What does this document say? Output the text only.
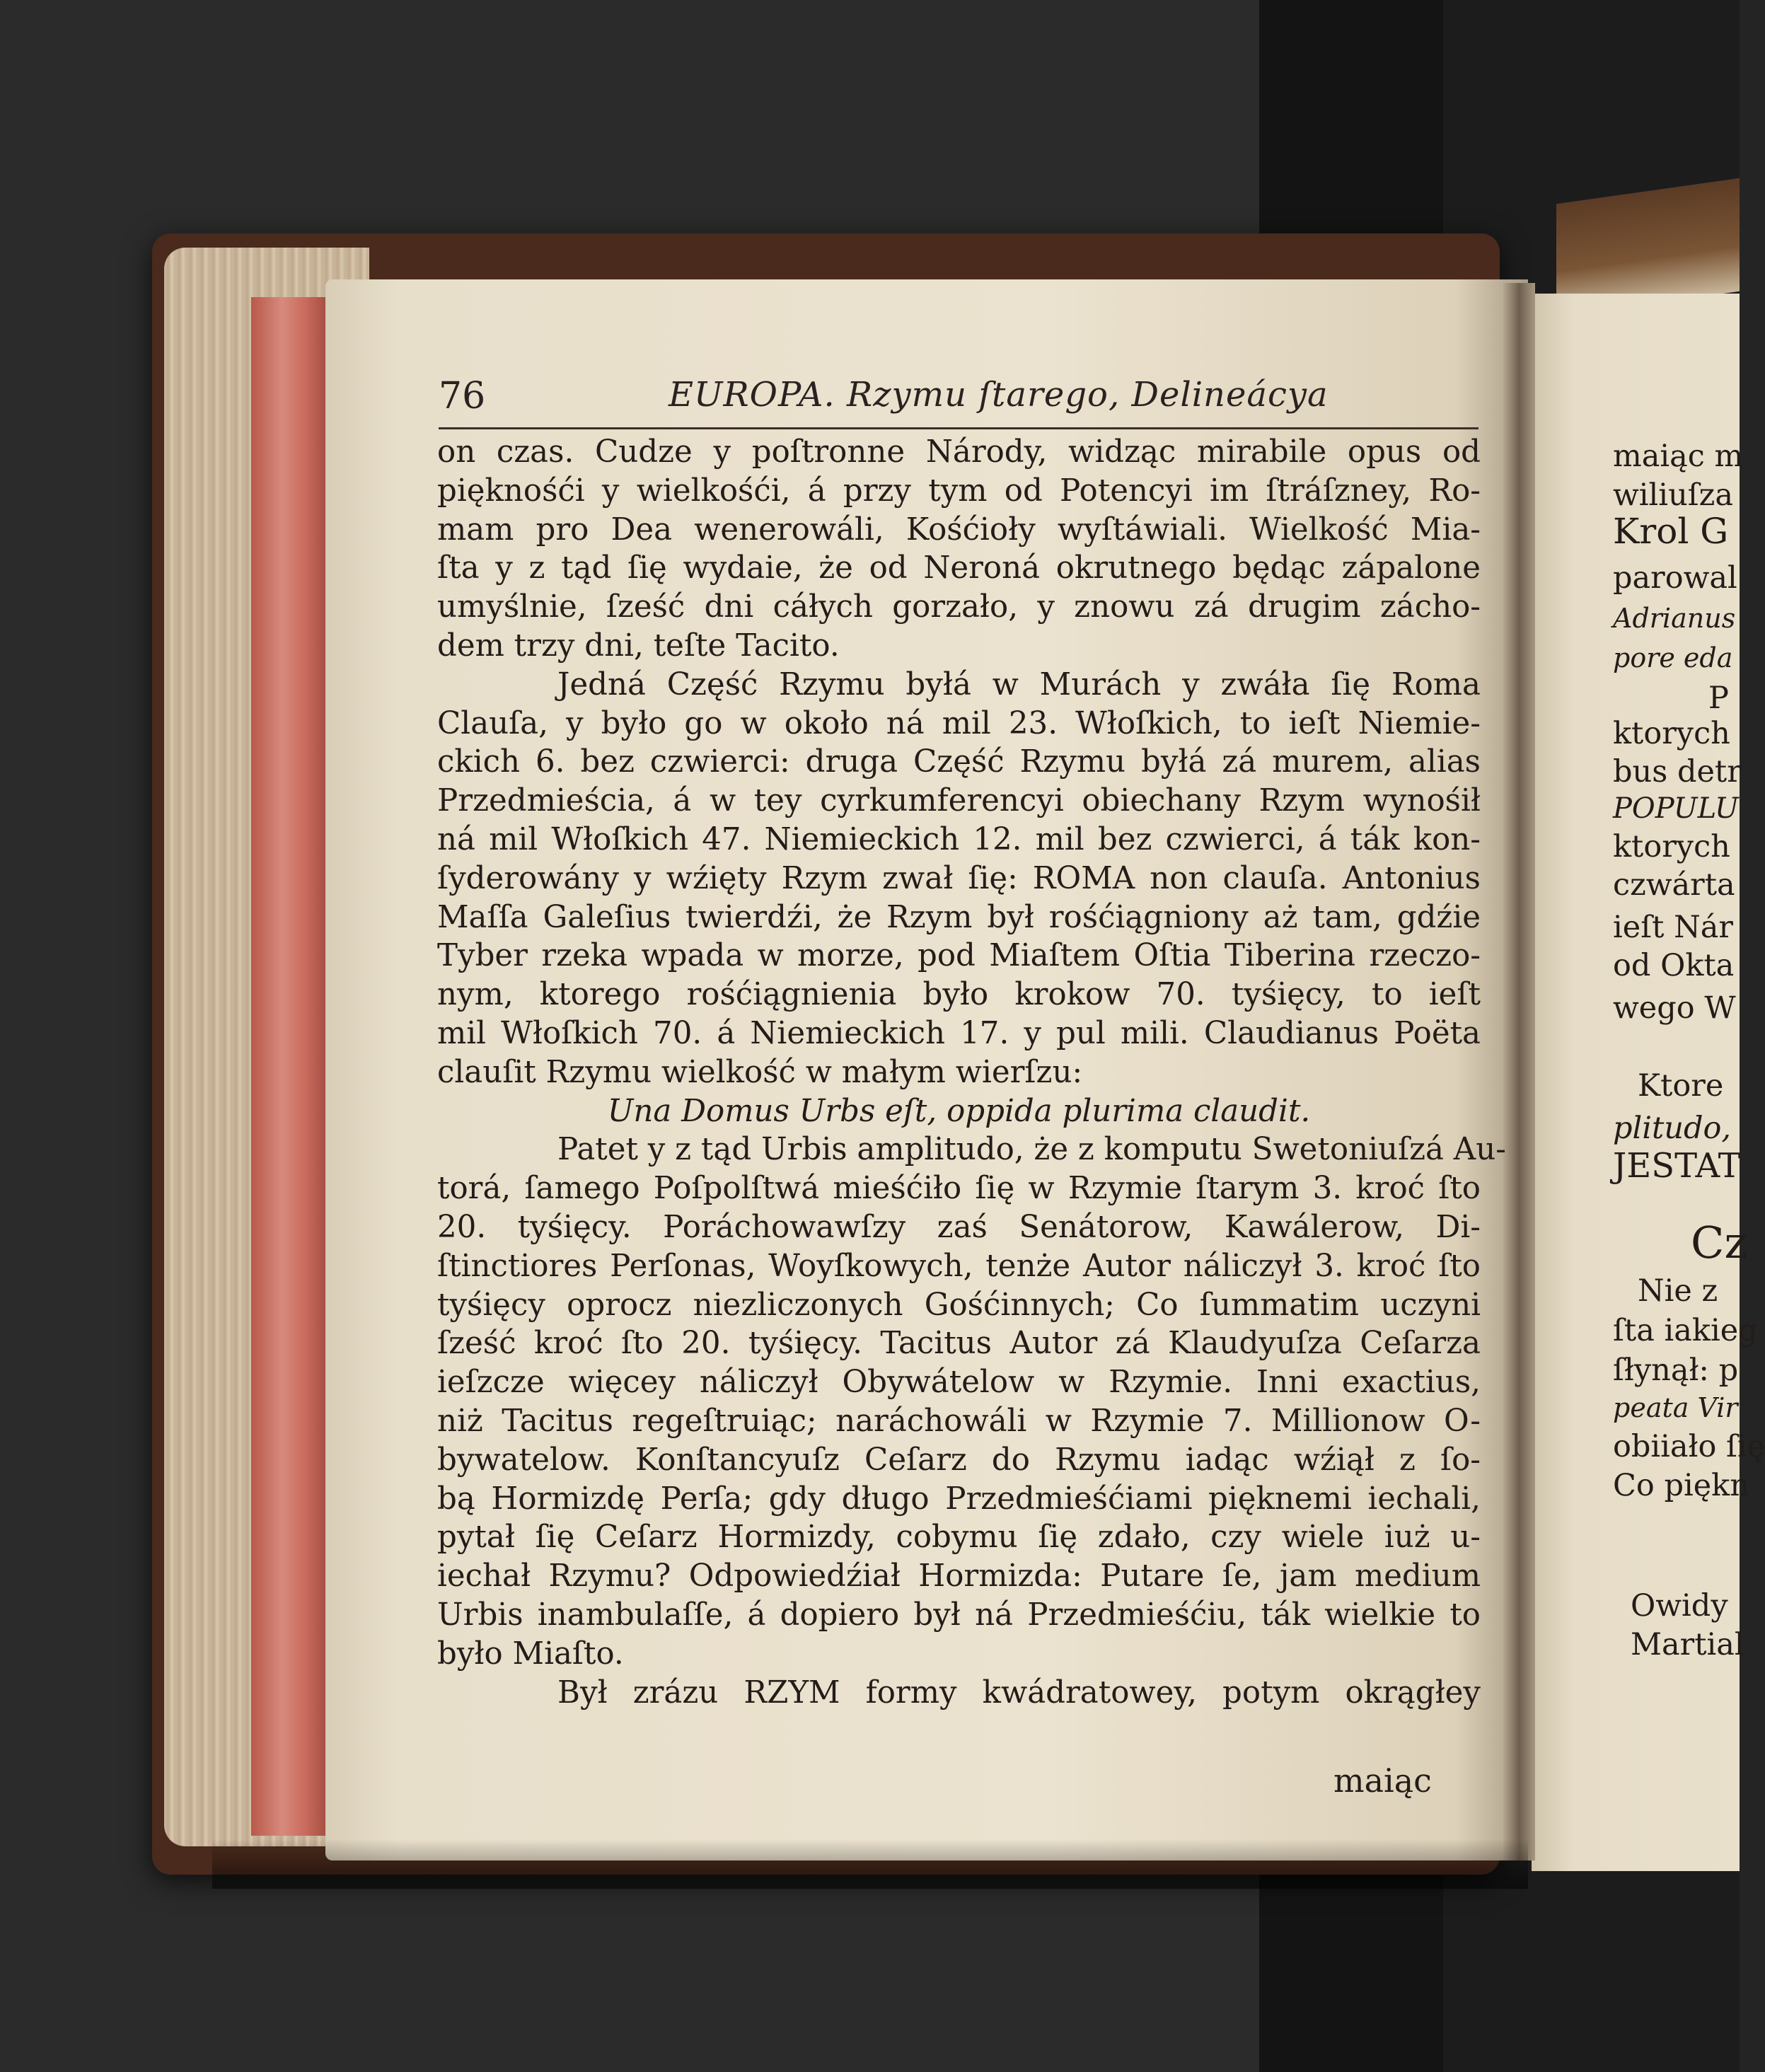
76	EUROPA. Rzymu ſtarego, Delineácya
on czas. Cudze y poſtronne Národy, widząc mirabile opus od
pięknośći y wielkośći, á przy tym od Potencyi im ſtráſzney, Ro-
mam pro Dea wenerowáli, Kośćioły wyſtáwiali. Wielkość Mia-
ſta y z tąd ſię wydaie, że od Neroná okrutnego będąc zápalone
umyślnie, ſześć dni cáłych gorzało, y znowu zá drugim zácho-
dem trzy dni, teſte Tacito.
Jedná Część Rzymu byłá w Murách y zwáła ſię Roma
Clauſa, y było go w około ná mil 23. Włoſkich, to ieſt Niemie-
ckich 6. bez czwierci: druga Część Rzymu byłá zá murem, alias
Przedmieścia, á w tey cyrkumferencyi obiechany Rzym wynośił
ná mil Włoſkich 47. Niemieckich 12. mil bez czwierci, á ták kon-
ſyderowány y wźięty Rzym zwał ſię: ROMA non clauſa. Antonius
Maſſa Galeſius twierdźi, że Rzym był rośćiągniony aż tam, gdźie
Tyber rzeka wpada w morze, pod Miaſtem Oſtia Tiberina rzeczo-
nym, ktorego rośćiągnienia było krokow 70. tyśięcy, to ieſt
mil Włoſkich 70. á Niemieckich 17. y pul mili. Claudianus Poëta
clauſit Rzymu wielkość w małym wierſzu:
Una Domus Urbs eſt, oppida plurima claudit.
Patet y z tąd Urbis amplitudo, że z komputu Swetoniuſzá Au-
torá, ſamego Poſpolſtwá mieśćiło ſię w Rzymie ſtarym 3. kroć ſto
20. tyśięcy. Poráchowawſzy zaś Senátorow, Kawálerow, Di-
ſtinctiores Perſonas, Woyſkowych, tenże Autor náliczył 3. kroć ſto
tyśięcy oprocz niezliczonych Gośćinnych; Co ſummatim uczyni
ſześć kroć ſto 20. tyśięcy. Tacitus Autor zá Klaudyuſza Ceſarza
ieſzcze więcey náliczył Obywátelow w Rzymie. Inni exactius,
niż Tacitus regeſtruiąc; naráchowáli w Rzymie 7. Millionow O-
bywatelow. Konſtancyuſz Ceſarz do Rzymu iadąc wźiął z ſo-
bą Hormizdę Perſa; gdy długo Przedmieśćiami pięknemi iechali,
pytał ſię Ceſarz Hormizdy, cobymu ſię zdało, czy wiele iuż u-
iechał Rzymu? Odpowiedźiał Hormizda: Putare ſe, jam medium
Urbis inambulaſſe, á dopiero był ná Przedmieśćiu, ták wielkie to
było Miaſto.
Był zrázu RZYM formy kwádratowey, potym okrągłey
maiąc
maiąc m
wiliuſza
Krol G
parowal
Adrianus
pore eda
P
ktorych
bus detr
POPULU
ktorych
czwárta
ieſt Nár
od Okta
wego W
Ktore
plitudo,
JESTAT
Cz
Nie z
ſta iakieg
ſłynął: p
peata Vir
obiiało ſię
Co piękn
Owidy
Martial
